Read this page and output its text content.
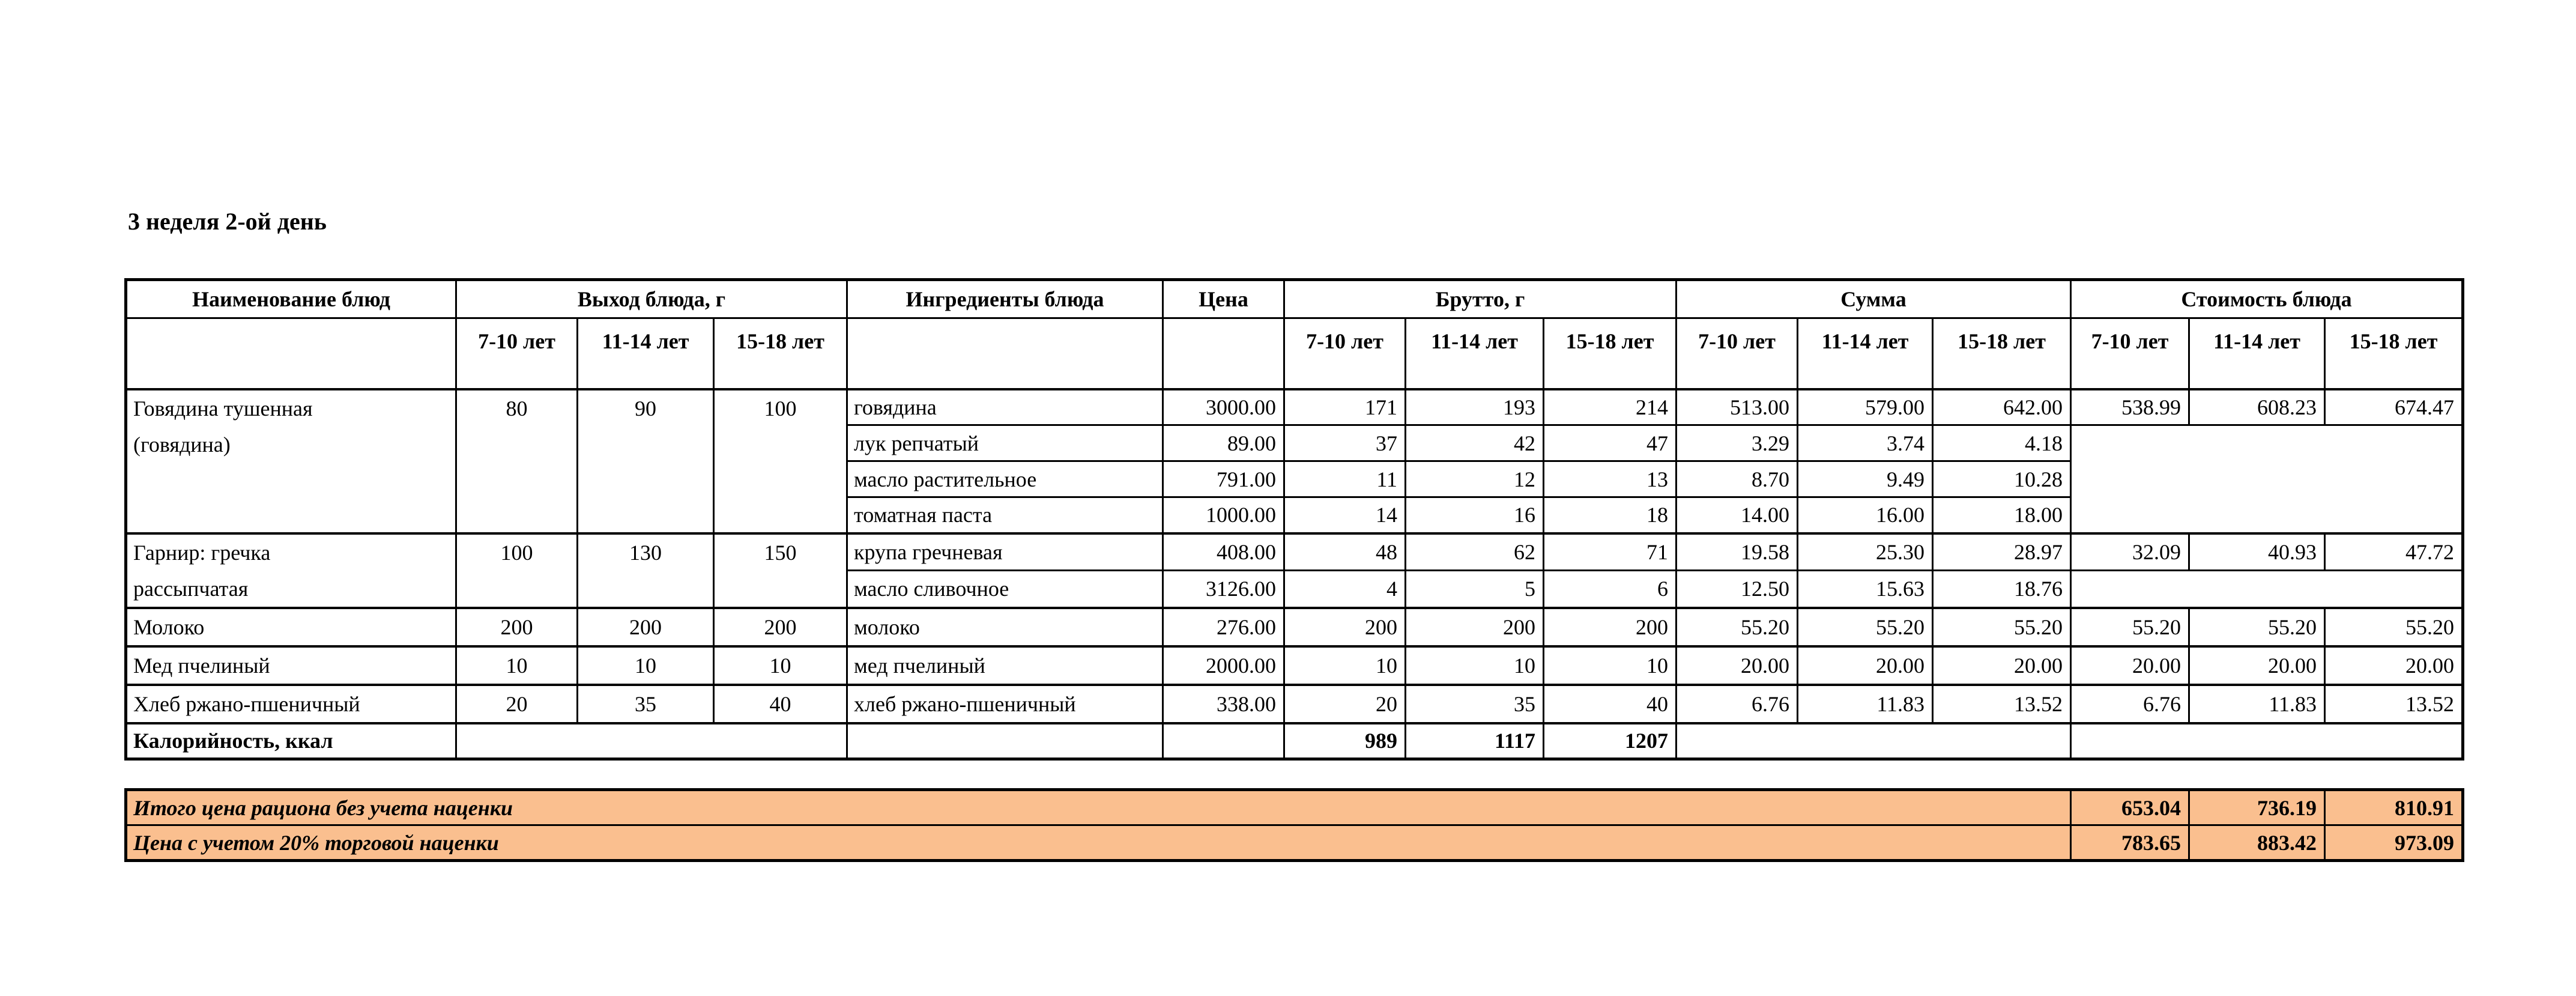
3 неделя 2-ой день
Наименование блюд	Выход блюда, г			Ингредиенты блюда	Цена	Брутто, г			Сумма			Стоимость блюда		
	7-10 лет	11-14 лет	15-18 лет			7-10 лет	11-14 лет	15-18 лет	7-10 лет	11-14 лет	15-18 лет	7-10 лет	11-14 лет	15-18 лет

Говядина тушенная
(говядина)	80	90	100	говядина	3000.00	171	193	214	513.00	579.00	642.00	538.99	608.23	674.47
				лук репчатый	89.00	37	42	47	3.29	3.74	4.18			
				масло растительное	791.00	11	12	13	8.70	9.49	10.28			
				томатная паста	1000.00	14	16	18	14.00	16.00	18.00			

Гарнир: гречка
рассыпчатая	100	130	150	крупа гречневая	408.00	48	62	71	19.58	25.30	28.97	32.09	40.93	47.72
				масло сливочное	3126.00	4	5	6	12.50	15.63	18.76			

Молоко	200	200	200	молоко	276.00	200	200	200	55.20	55.20	55.20	55.20	55.20	55.20

Мед пчелиный	10	10	10	мед пчелиный	2000.00	10	10	10	20.00	20.00	20.00	20.00	20.00	20.00

Хлеб ржано-пшеничный	20	35	40	хлеб ржано-пшеничный	338.00	20	35	40	6.76	11.83	13.52	6.76	11.83	13.52
Калорийность, ккал						989	1117	1207						
Итого цена рациона без учета наценки	653.04	736.19	810.91
Цена с учетом 20% торговой наценки	783.65	883.42	973.09
